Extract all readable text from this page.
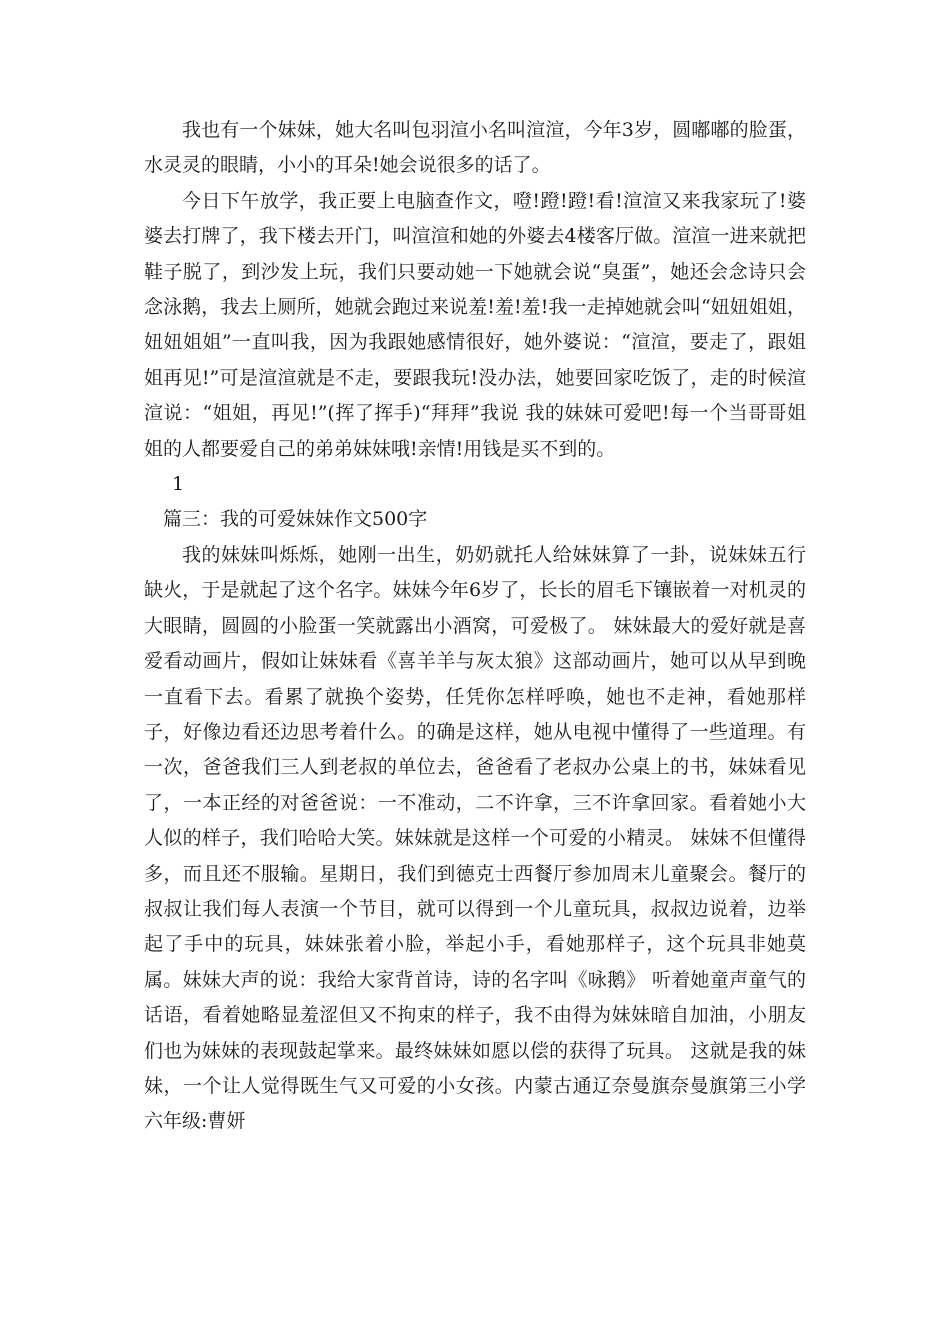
我也有一个妹妹，她大名叫包羽渲小名叫渲渲，今年3岁，圆嘟嘟的脸蛋，水灵灵的眼睛，小小的耳朵!她会说很多的话了。

今日下午放学，我正要上电脑查作文，噔!蹬!蹬!看!渲渲又来我家玩了!婆婆去打牌了，我下楼去开门，叫渲渲和她的外婆去4楼客厅做。渲渲一进来就把鞋子脱了，到沙发上玩，我们只要动她一下她就会说“臭蛋”，她还会念诗只会念泳鹅，我去上厕所，她就会跑过来说羞!羞!羞!我一走掉她就会叫“妞妞姐姐，妞妞姐姐”一直叫我，因为我跟她感情很好，她外婆说：“渲渲，要走了，跟姐姐再见!”可是渲渲就是不走，要跟我玩!没办法，她要回家吃饭了，走的时候渲渲说：“姐姐，再见!”(挥了挥手)“拜拜”我说 我的妹妹可爱吧!每一个当哥哥姐姐的人都要爱自己的弟弟妹妹哦!亲情!用钱是买不到的。

1

篇三：我的可爱妹妹作文500字

我的妹妹叫烁烁，她刚一出生，奶奶就托人给妹妹算了一卦，说妹妹五行缺火，于是就起了这个名字。妹妹今年6岁了，长长的眉毛下镶嵌着一对机灵的大眼睛，圆圆的小脸蛋一笑就露出小酒窝，可爱极了。 妹妹最大的爱好就是喜爱看动画片，假如让妹妹看《喜羊羊与灰太狼》这部动画片，她可以从早到晚一直看下去。看累了就换个姿势，任凭你怎样呼唤，她也不走神，看她那样子，好像边看还边思考着什么。的确是这样，她从电视中懂得了一些道理。有一次，爸爸我们三人到老叔的单位去，爸爸看了老叔办公桌上的书，妹妹看见了，一本正经的对爸爸说：一不准动，二不许拿，三不许拿回家。看着她小大人似的样子，我们哈哈大笑。妹妹就是这样一个可爱的小精灵。 妹妹不但懂得多，而且还不服输。星期日，我们到德克士西餐厅参加周末儿童聚会。餐厅的叔叔让我们每人表演一个节目，就可以得到一个儿童玩具，叔叔边说着，边举起了手中的玩具，妹妹张着小脸，举起小手，看她那样子，这个玩具非她莫属。妹妹大声的说：我给大家背首诗，诗的名字叫《咏鹅》 听着她童声童气的话语，看着她略显羞涩但又不拘束的样子，我不由得为妹妹暗自加油，小朋友们也为妹妹的表现鼓起掌来。最终妹妹如愿以偿的获得了玩具。 这就是我的妹妹，一个让人觉得既生气又可爱的小女孩。内蒙古通辽奈曼旗奈曼旗第三小学六年级:曹妍
